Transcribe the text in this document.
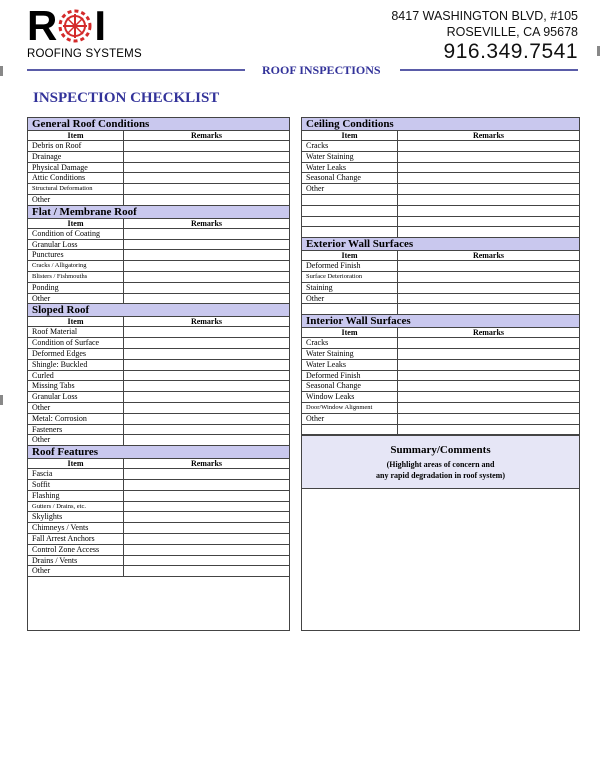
R I
ROOFING SYSTEMS
8417 WASHINGTON BLVD, #105
ROSEVILLE, CA 95678
916.349.7541
ROOF INSPECTIONS
INSPECTION CHECKLIST
General Roof Conditions
Item	Remarks
Debris on Roof
Drainage
Physical Damage
Attic Conditions
Structural Deformation
Other
Flat / Membrane Roof
Item	Remarks
Condition of Coating
Granular Loss
Punctures
Cracks / Alligatoring
Blisters / Fishmouths
Ponding
Other
Sloped Roof
Item	Remarks
Roof Material
Condition of Surface
Deformed Edges
Shingle: Buckled
Curled
Missing Tabs
Granular Loss
Other
Metal: Corrosion
Fasteners
Other
Roof Features
Item	Remarks
Fascia
Soffit
Flashing
Gutters / Drains, etc.
Skylights
Chimneys / Vents
Fall Arrest Anchors
Control Zone Access
Drains / Vents
Other
Ceiling Conditions
Item	Remarks
Cracks
Water Staining
Water Leaks
Seasonal Change
Other
Exterior Wall Surfaces
Item	Remarks
Deformed Finish
Surface Deterioration
Staining
Other
Interior Wall Surfaces
Item	Remarks
Cracks
Water Staining
Water Leaks
Deformed Finish
Seasonal Change
Window Leaks
Door/Window Alignment
Other
Summary/Comments
(Highlight areas of concern and
any rapid degradation in roof system)
